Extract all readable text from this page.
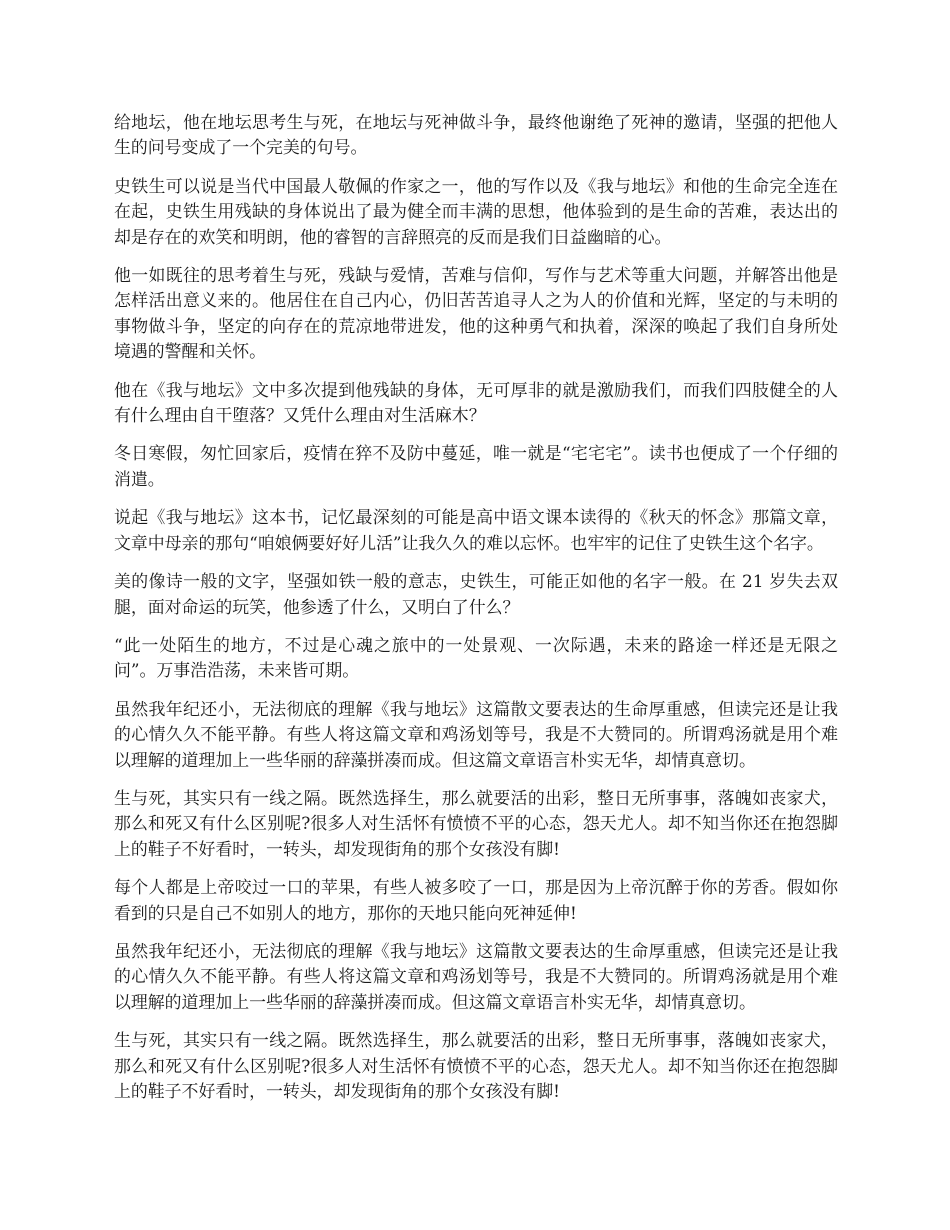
给地坛，他在地坛思考生与死，在地坛与死神做斗争，最终他谢绝了死神的邀请，坚强的把他人生的问号变成了一个完美的句号。

史铁生可以说是当代中国最人敬佩的作家之一，他的写作以及《我与地坛》和他的生命完全连在在起，史铁生用残缺的身体说出了最为健全而丰满的思想，他体验到的是生命的苦难，表达出的却是存在的欢笑和明朗，他的睿智的言辞照亮的反而是我们日益幽暗的心。

他一如既往的思考着生与死，残缺与爱情，苦难与信仰，写作与艺术等重大问题，并解答出他是怎样活出意义来的。他居住在自己内心，仍旧苦苦追寻人之为人的价值和光辉，坚定的与未明的事物做斗争，坚定的向存在的荒凉地带进发，他的这种勇气和执着，深深的唤起了我们自身所处境遇的警醒和关怀。

他在《我与地坛》文中多次提到他残缺的身体，无可厚非的就是激励我们，而我们四肢健全的人有什么理由自干堕落？又凭什么理由对生活麻木？

冬日寒假，匆忙回家后，疫情在猝不及防中蔓延，唯一就是“宅宅宅”。读书也便成了一个仔细的消遣。

说起《我与地坛》这本书，记忆最深刻的可能是高中语文课本读得的《秋天的怀念》那篇文章，文章中母亲的那句“咱娘俩要好好儿活”让我久久的难以忘怀。也牢牢的记住了史铁生这个名字。

美的像诗一般的文字，坚强如铁一般的意志，史铁生，可能正如他的名字一般。在 21 岁失去双腿，面对命运的玩笑，他参透了什么，又明白了什么？

“此一处陌生的地方，不过是心魂之旅中的一处景观、一次际遇，未来的路途一样还是无限之问”。万事浩浩荡，未来皆可期。

虽然我年纪还小，无法彻底的理解《我与地坛》这篇散文要表达的生命厚重感，但读完还是让我的心情久久不能平静。有些人将这篇文章和鸡汤划等号，我是不大赞同的。所谓鸡汤就是用个难以理解的道理加上一些华丽的辞藻拼凑而成。但这篇文章语言朴实无华，却情真意切。

生与死，其实只有一线之隔。既然选择生，那么就要活的出彩，整日无所事事，落魄如丧家犬，那么和死又有什么区别呢?很多人对生活怀有愤愤不平的心态，怨天尤人。却不知当你还在抱怨脚上的鞋子不好看时，一转头，却发现街角的那个女孩没有脚!

每个人都是上帝咬过一口的苹果，有些人被多咬了一口，那是因为上帝沉醉于你的芳香。假如你看到的只是自己不如别人的地方，那你的天地只能向死神延伸!

虽然我年纪还小，无法彻底的理解《我与地坛》这篇散文要表达的生命厚重感，但读完还是让我的心情久久不能平静。有些人将这篇文章和鸡汤划等号，我是不大赞同的。所谓鸡汤就是用个难以理解的道理加上一些华丽的辞藻拼凑而成。但这篇文章语言朴实无华，却情真意切。

生与死，其实只有一线之隔。既然选择生，那么就要活的出彩，整日无所事事，落魄如丧家犬，那么和死又有什么区别呢?很多人对生活怀有愤愤不平的心态，怨天尤人。却不知当你还在抱怨脚上的鞋子不好看时，一转头，却发现街角的那个女孩没有脚!
